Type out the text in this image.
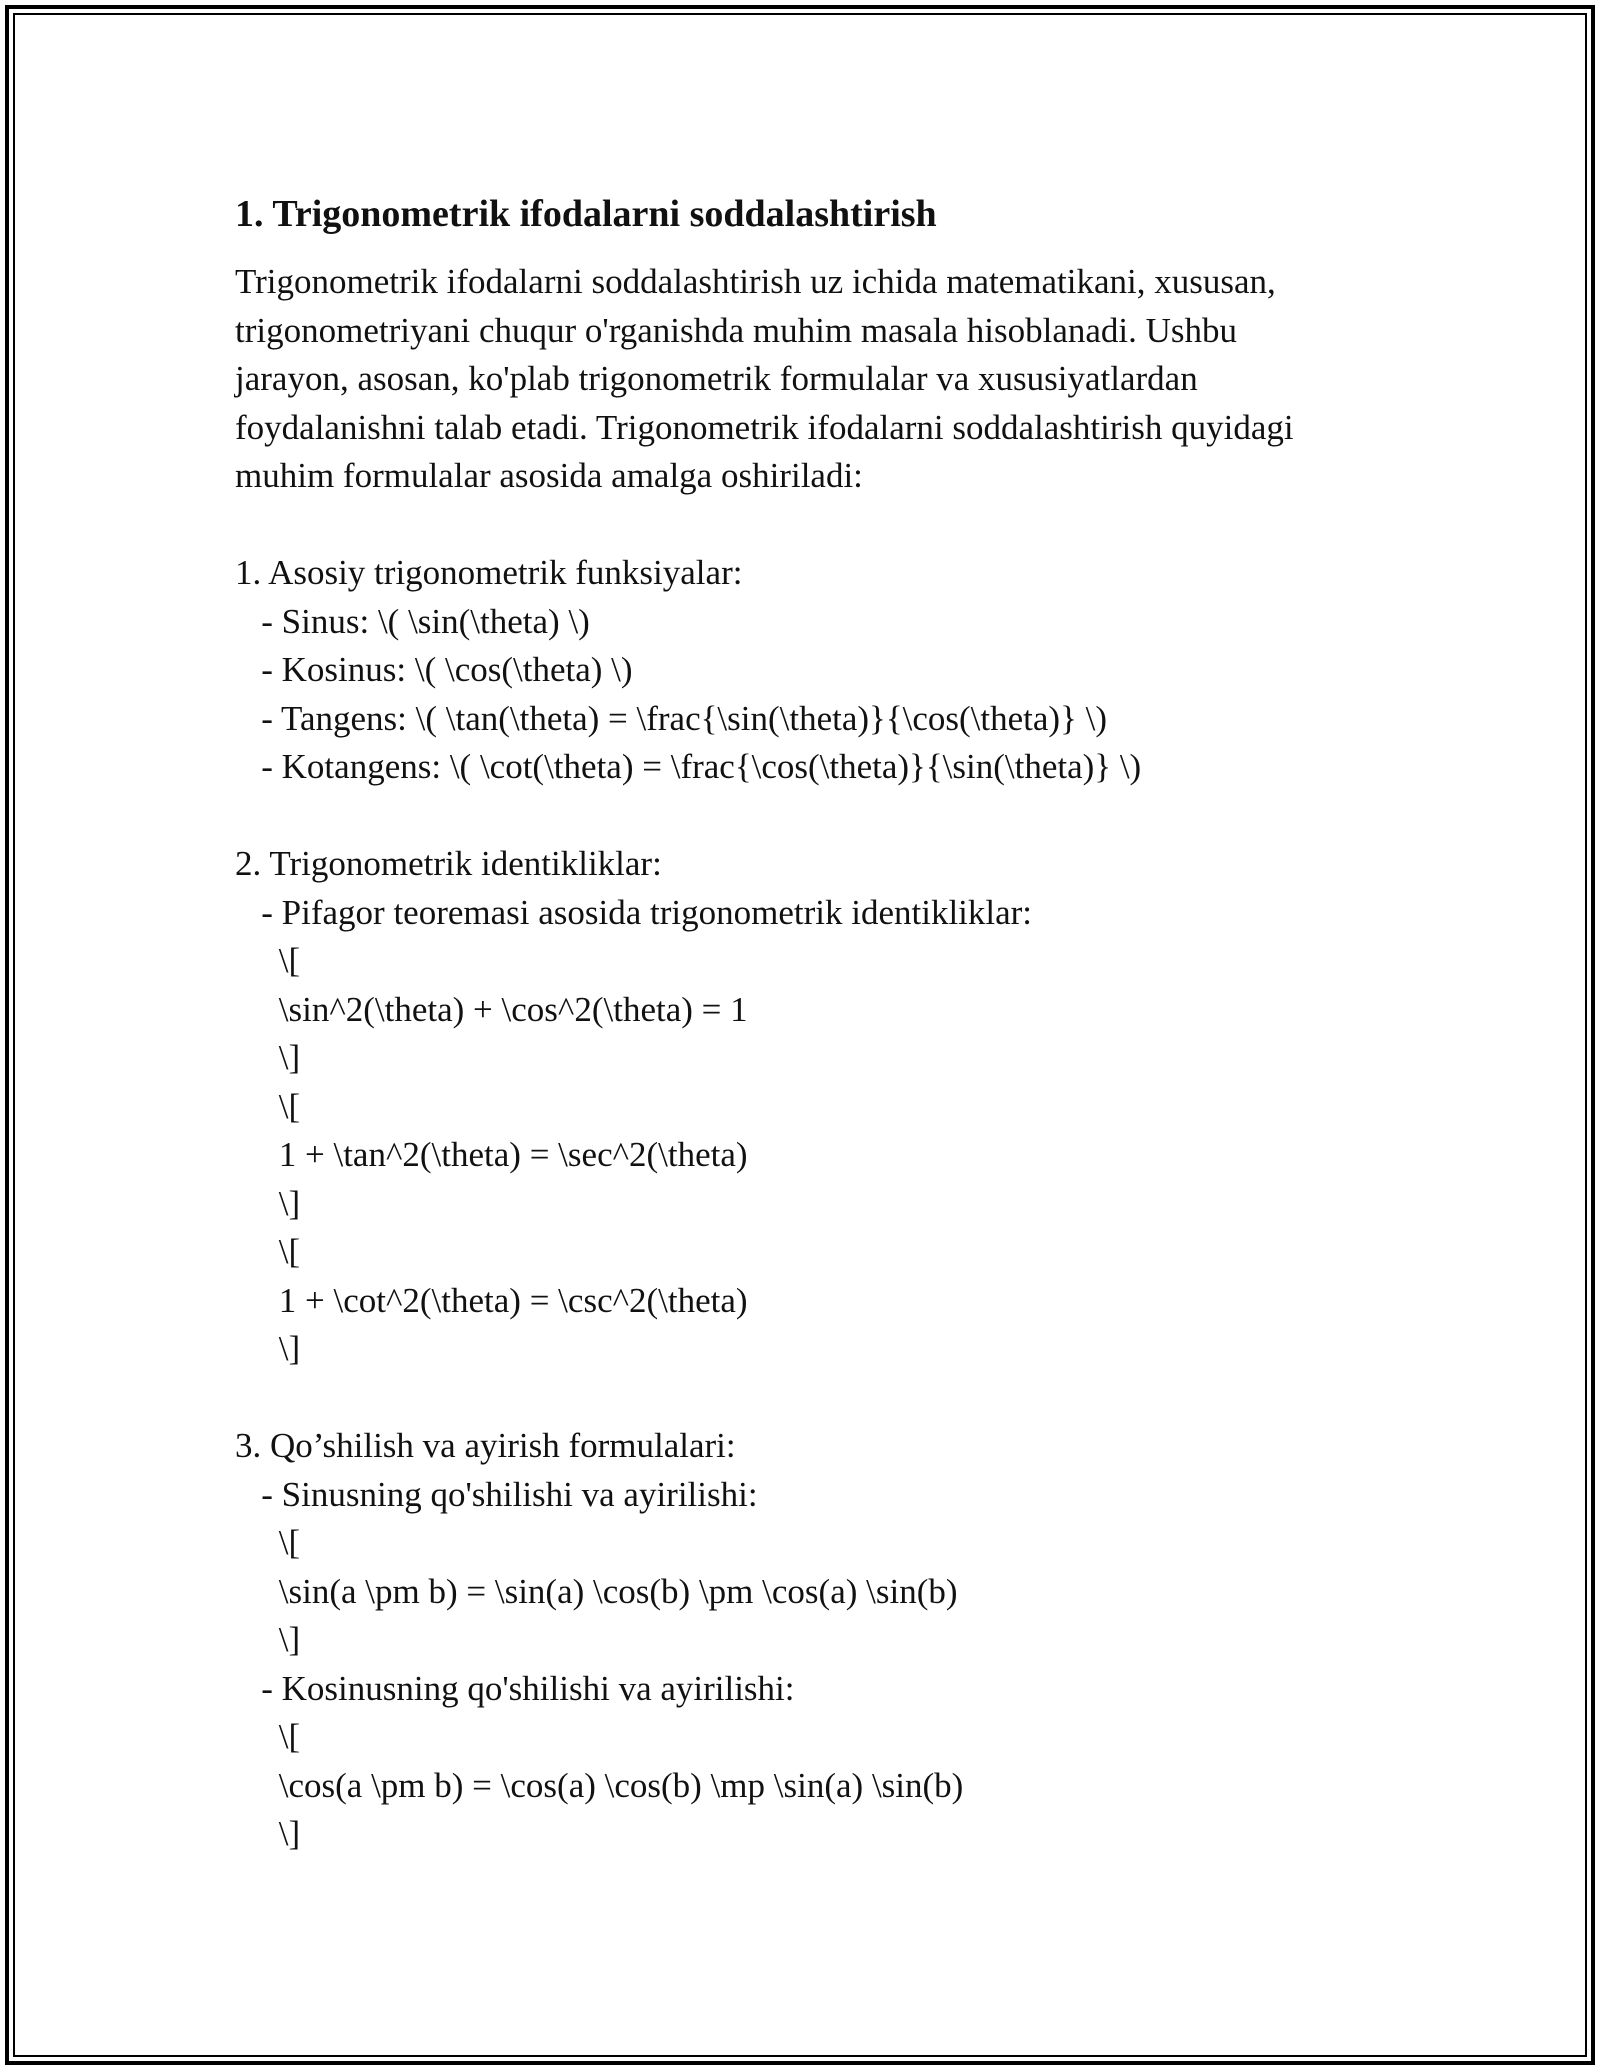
1. Trigonometrik ifodalarni soddalashtirish

Trigonometrik ifodalarni soddalashtirish uz ichida matematikani, xususan,

trigonometriyani chuqur o'rganishda muhim masala hisoblanadi. Ushbu

jarayon, asosan, ko'plab trigonometrik formulalar va xususiyatlardan

foydalanishni talab etadi. Trigonometrik ifodalarni soddalashtirish quyidagi

muhim formulalar asosida amalga oshiriladi:

1. Asosiy trigonometrik funksiyalar:
- Sinus: \( \sin(\theta) \)
- Kosinus: \( \cos(\theta) \)
- Tangens: \( \tan(\theta) = \frac{\sin(\theta)}{\cos(\theta)} \)
- Kotangens: \( \cot(\theta) = \frac{\cos(\theta)}{\sin(\theta)} \)
2. Trigonometrik identikliklar:
- Pifagor teoremasi asosida trigonometrik identikliklar:
\[
\sin^2(\theta) + \cos^2(\theta) = 1
\]
\[
1 + \tan^2(\theta) = \sec^2(\theta)
\]
\[
1 + \cot^2(\theta) = \csc^2(\theta)
\]
3. Qo’shilish va ayirish formulalari:
- Sinusning qo'shilishi va ayirilishi:
\[
\sin(a \pm b) = \sin(a) \cos(b) \pm \cos(a) \sin(b)
\]
- Kosinusning qo'shilishi va ayirilishi:
\[
\cos(a \pm b) = \cos(a) \cos(b) \mp \sin(a) \sin(b)
\]
